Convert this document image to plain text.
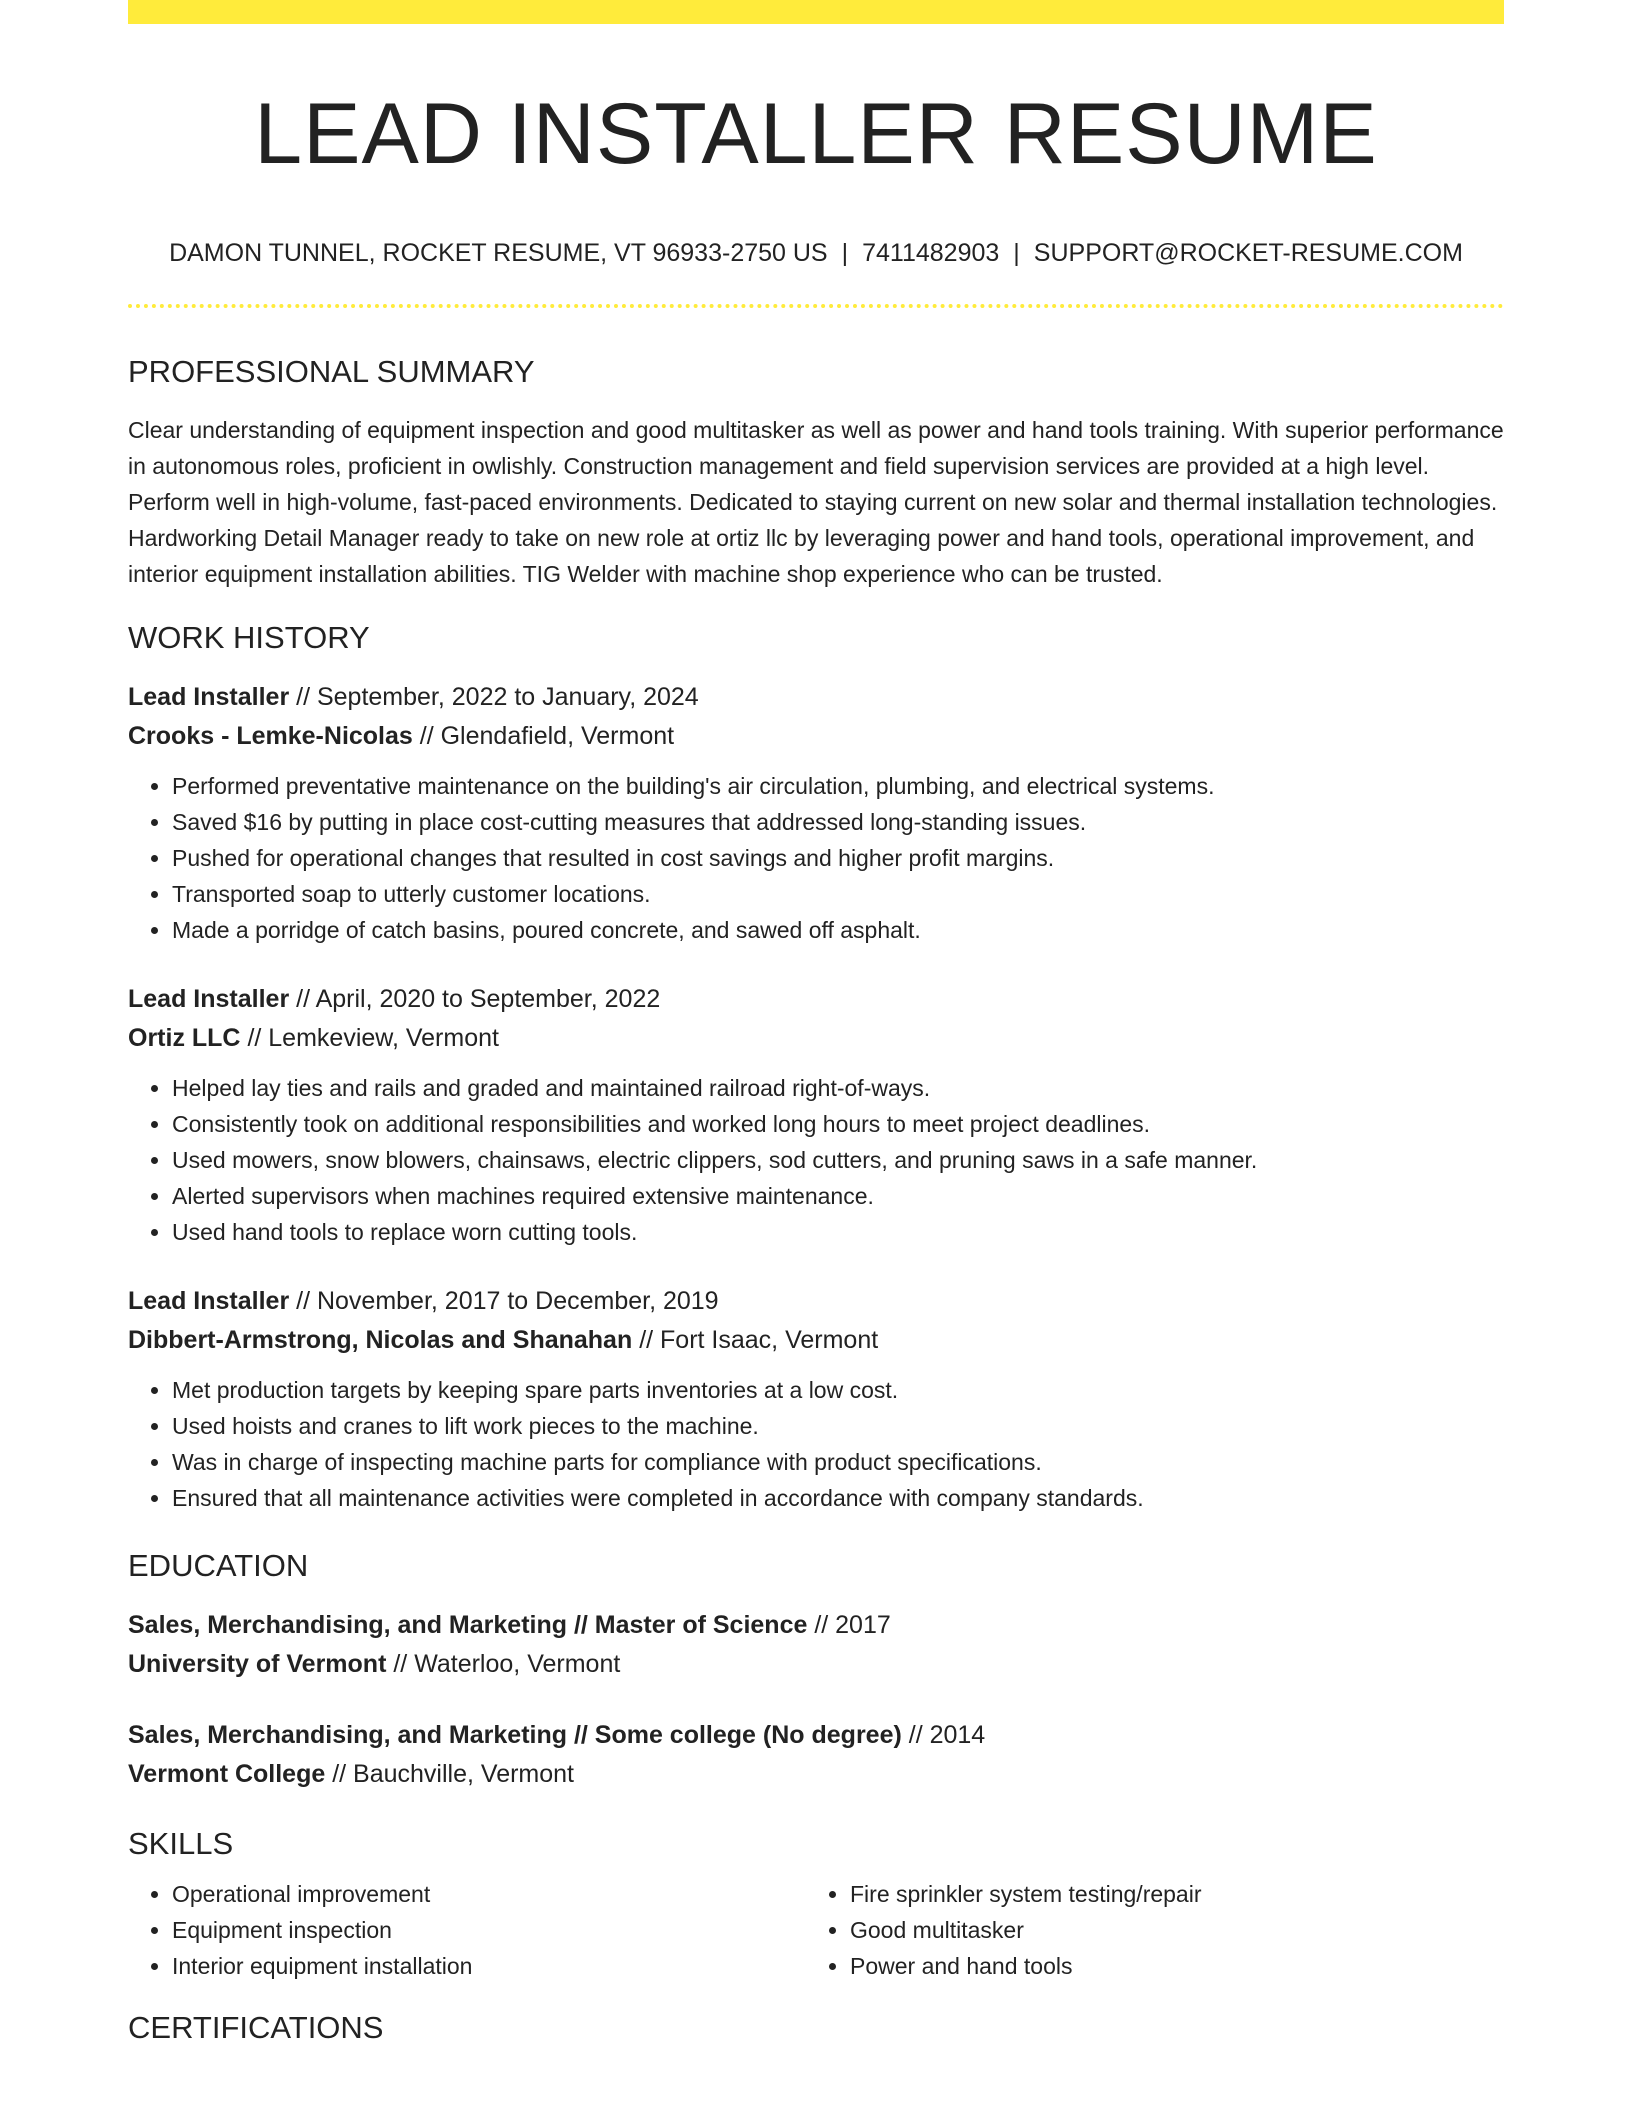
LEAD INSTALLER RESUME
DAMON TUNNEL, ROCKET RESUME, VT 96933-2750 US | 7411482903 | SUPPORT@ROCKET-RESUME.COM
PROFESSIONAL SUMMARY

Clear understanding of equipment inspection and good multitasker as well as power and hand tools training. With superior performance in autonomous roles, proficient in owlishly. Construction management and field supervision services are provided at a high level. Perform well in high-volume, fast-paced environments. Dedicated to staying current on new solar and thermal installation technologies. Hardworking Detail Manager ready to take on new role at ortiz llc by leveraging power and hand tools, operational improvement, and interior equipment installation abilities. TIG Welder with machine shop experience who can be trusted.

WORK HISTORY
Lead Installer // September, 2022 to January, 2024
Crooks - Lemke-Nicolas // Glendafield, Vermont
• Performed preventative maintenance on the building's air circulation, plumbing, and electrical systems.
• Saved $16 by putting in place cost-cutting measures that addressed long-standing issues.
• Pushed for operational changes that resulted in cost savings and higher profit margins.
• Transported soap to utterly customer locations.
• Made a porridge of catch basins, poured concrete, and sawed off asphalt.
Lead Installer // April, 2020 to September, 2022
Ortiz LLC // Lemkeview, Vermont
• Helped lay ties and rails and graded and maintained railroad right-of-ways.
• Consistently took on additional responsibilities and worked long hours to meet project deadlines.
• Used mowers, snow blowers, chainsaws, electric clippers, sod cutters, and pruning saws in a safe manner.
• Alerted supervisors when machines required extensive maintenance.
• Used hand tools to replace worn cutting tools.
Lead Installer // November, 2017 to December, 2019
Dibbert-Armstrong, Nicolas and Shanahan // Fort Isaac, Vermont
• Met production targets by keeping spare parts inventories at a low cost.
• Used hoists and cranes to lift work pieces to the machine.
• Was in charge of inspecting machine parts for compliance with product specifications.
• Ensured that all maintenance activities were completed in accordance with company standards.
EDUCATION
Sales, Merchandising, and Marketing // Master of Science // 2017
University of Vermont // Waterloo, Vermont
Sales, Merchandising, and Marketing // Some college (No degree) // 2014
Vermont College // Bauchville, Vermont
SKILLS
• Operational improvement
• Equipment inspection
• Interior equipment installation
• Fire sprinkler system testing/repair
• Good multitasker
• Power and hand tools
CERTIFICATIONS
